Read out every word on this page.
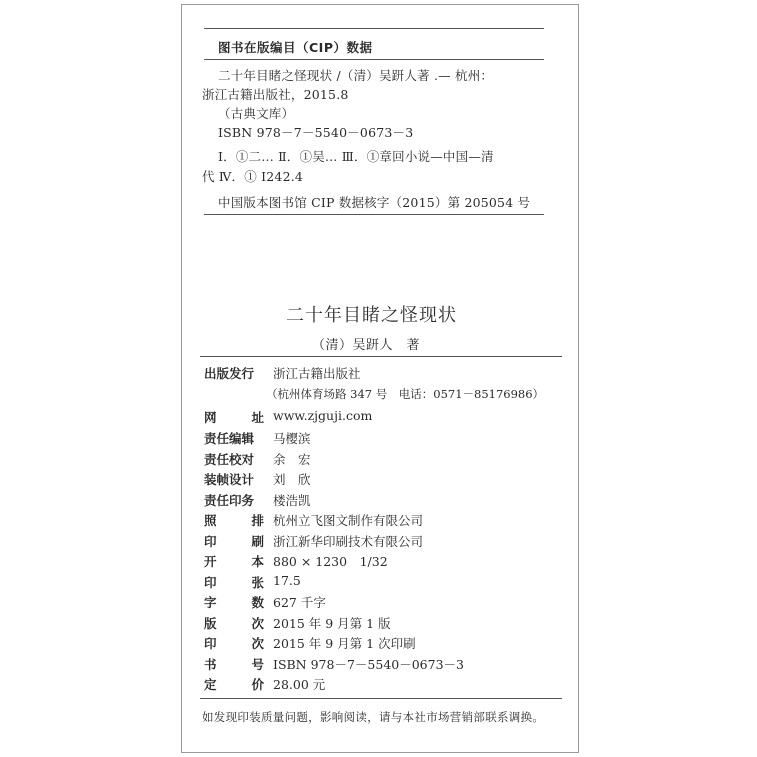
图书在版编目（CIP）数据
二十年目睹之怪现状 /（清）吴趼人著 .— 杭州：
浙江古籍出版社，2015.8
（古典文库）
ISBN 978－7－5540－0673－3
Ⅰ．①二… Ⅱ．①吴… Ⅲ．①章回小说—中国—清
代 Ⅳ．① I242.4
中国版本图书馆 CIP 数据核字（2015）第 205054 号
二十年目睹之怪现状
（清）吴趼人　著
出版发行 浙江古籍出版社
（杭州体育场路 347 号　电话：0571－85176986）
网	址 www.zjguji.com
责任编辑 马樱滨
责任校对 余　宏
装帧设计 刘　欣
责任印务 楼浩凯
照	排 杭州立飞图文制作有限公司
印	刷 浙江新华印刷技术有限公司
开	本 880 × 1230　1/32
印	张 17.5
字	数 627 千字
版	次 2015 年 9 月第 1 版
印	次 2015 年 9 月第 1 次印刷
书	号 ISBN 978－7－5540－0673－3
定	价 28.00 元
如发现印装质量问题，影响阅读，请与本社市场营销部联系调换。
